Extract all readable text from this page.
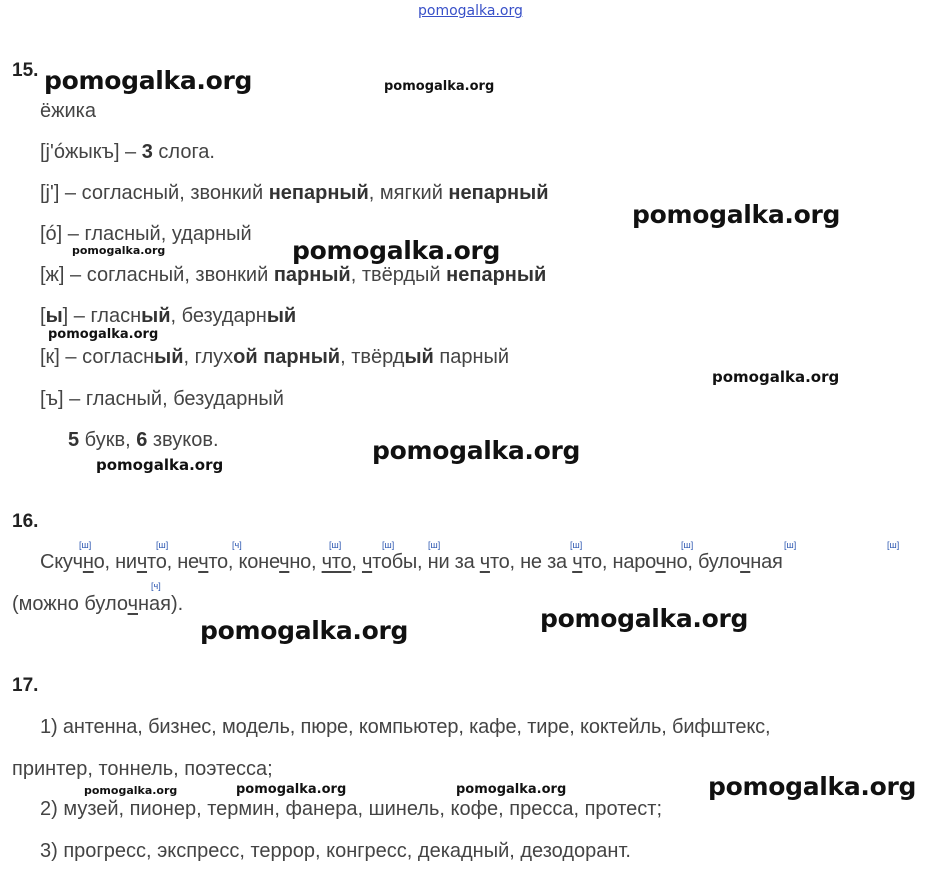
pomogalka.org
15.
ёжика
[j'óжыкъ] – 3 слога.
[j'] – согласный, звонкий непарный, мягкий непарный
[ó] – гласный, ударный
[ж] – согласный, звонкий парный, твёрдый непарный
[ы] – гласный, безударный
[к] – согласный, глухой парный, твёрдый парный
[ъ] – гласный, безударный
5 букв, 6 звуков.
16.
[ш]	[ш]	[ч]	[ш]	[ш]	[ш]	[ш]	[ш]	[ш]	[ш]
[ч]
Скучно, ничто, нечто, конечно, что, чтобы, ни за что, не за что, нарочно, булочная
(можно булочная).
17.
1) антенна, бизнес, модель, пюре, компьютер, кафе, тире, коктейль, бифштекс,
принтер, тоннель, поэтесса;
2) музей, пионер, термин, фанера, шинель, кофе, пресса, протест;
3) прогресс, экспресс, террор, конгресс, декадный, дезодорант.
pomogalka.org	pomogalka.org
pomogalka.org
pomogalka.org	pomogalka.org
pomogalka.org
pomogalka.org
pomogalka.org
pomogalka.org
pomogalka.org
pomogalka.org
pomogalka.org
pomogalka.org	pomogalka.org	pomogalka.org
